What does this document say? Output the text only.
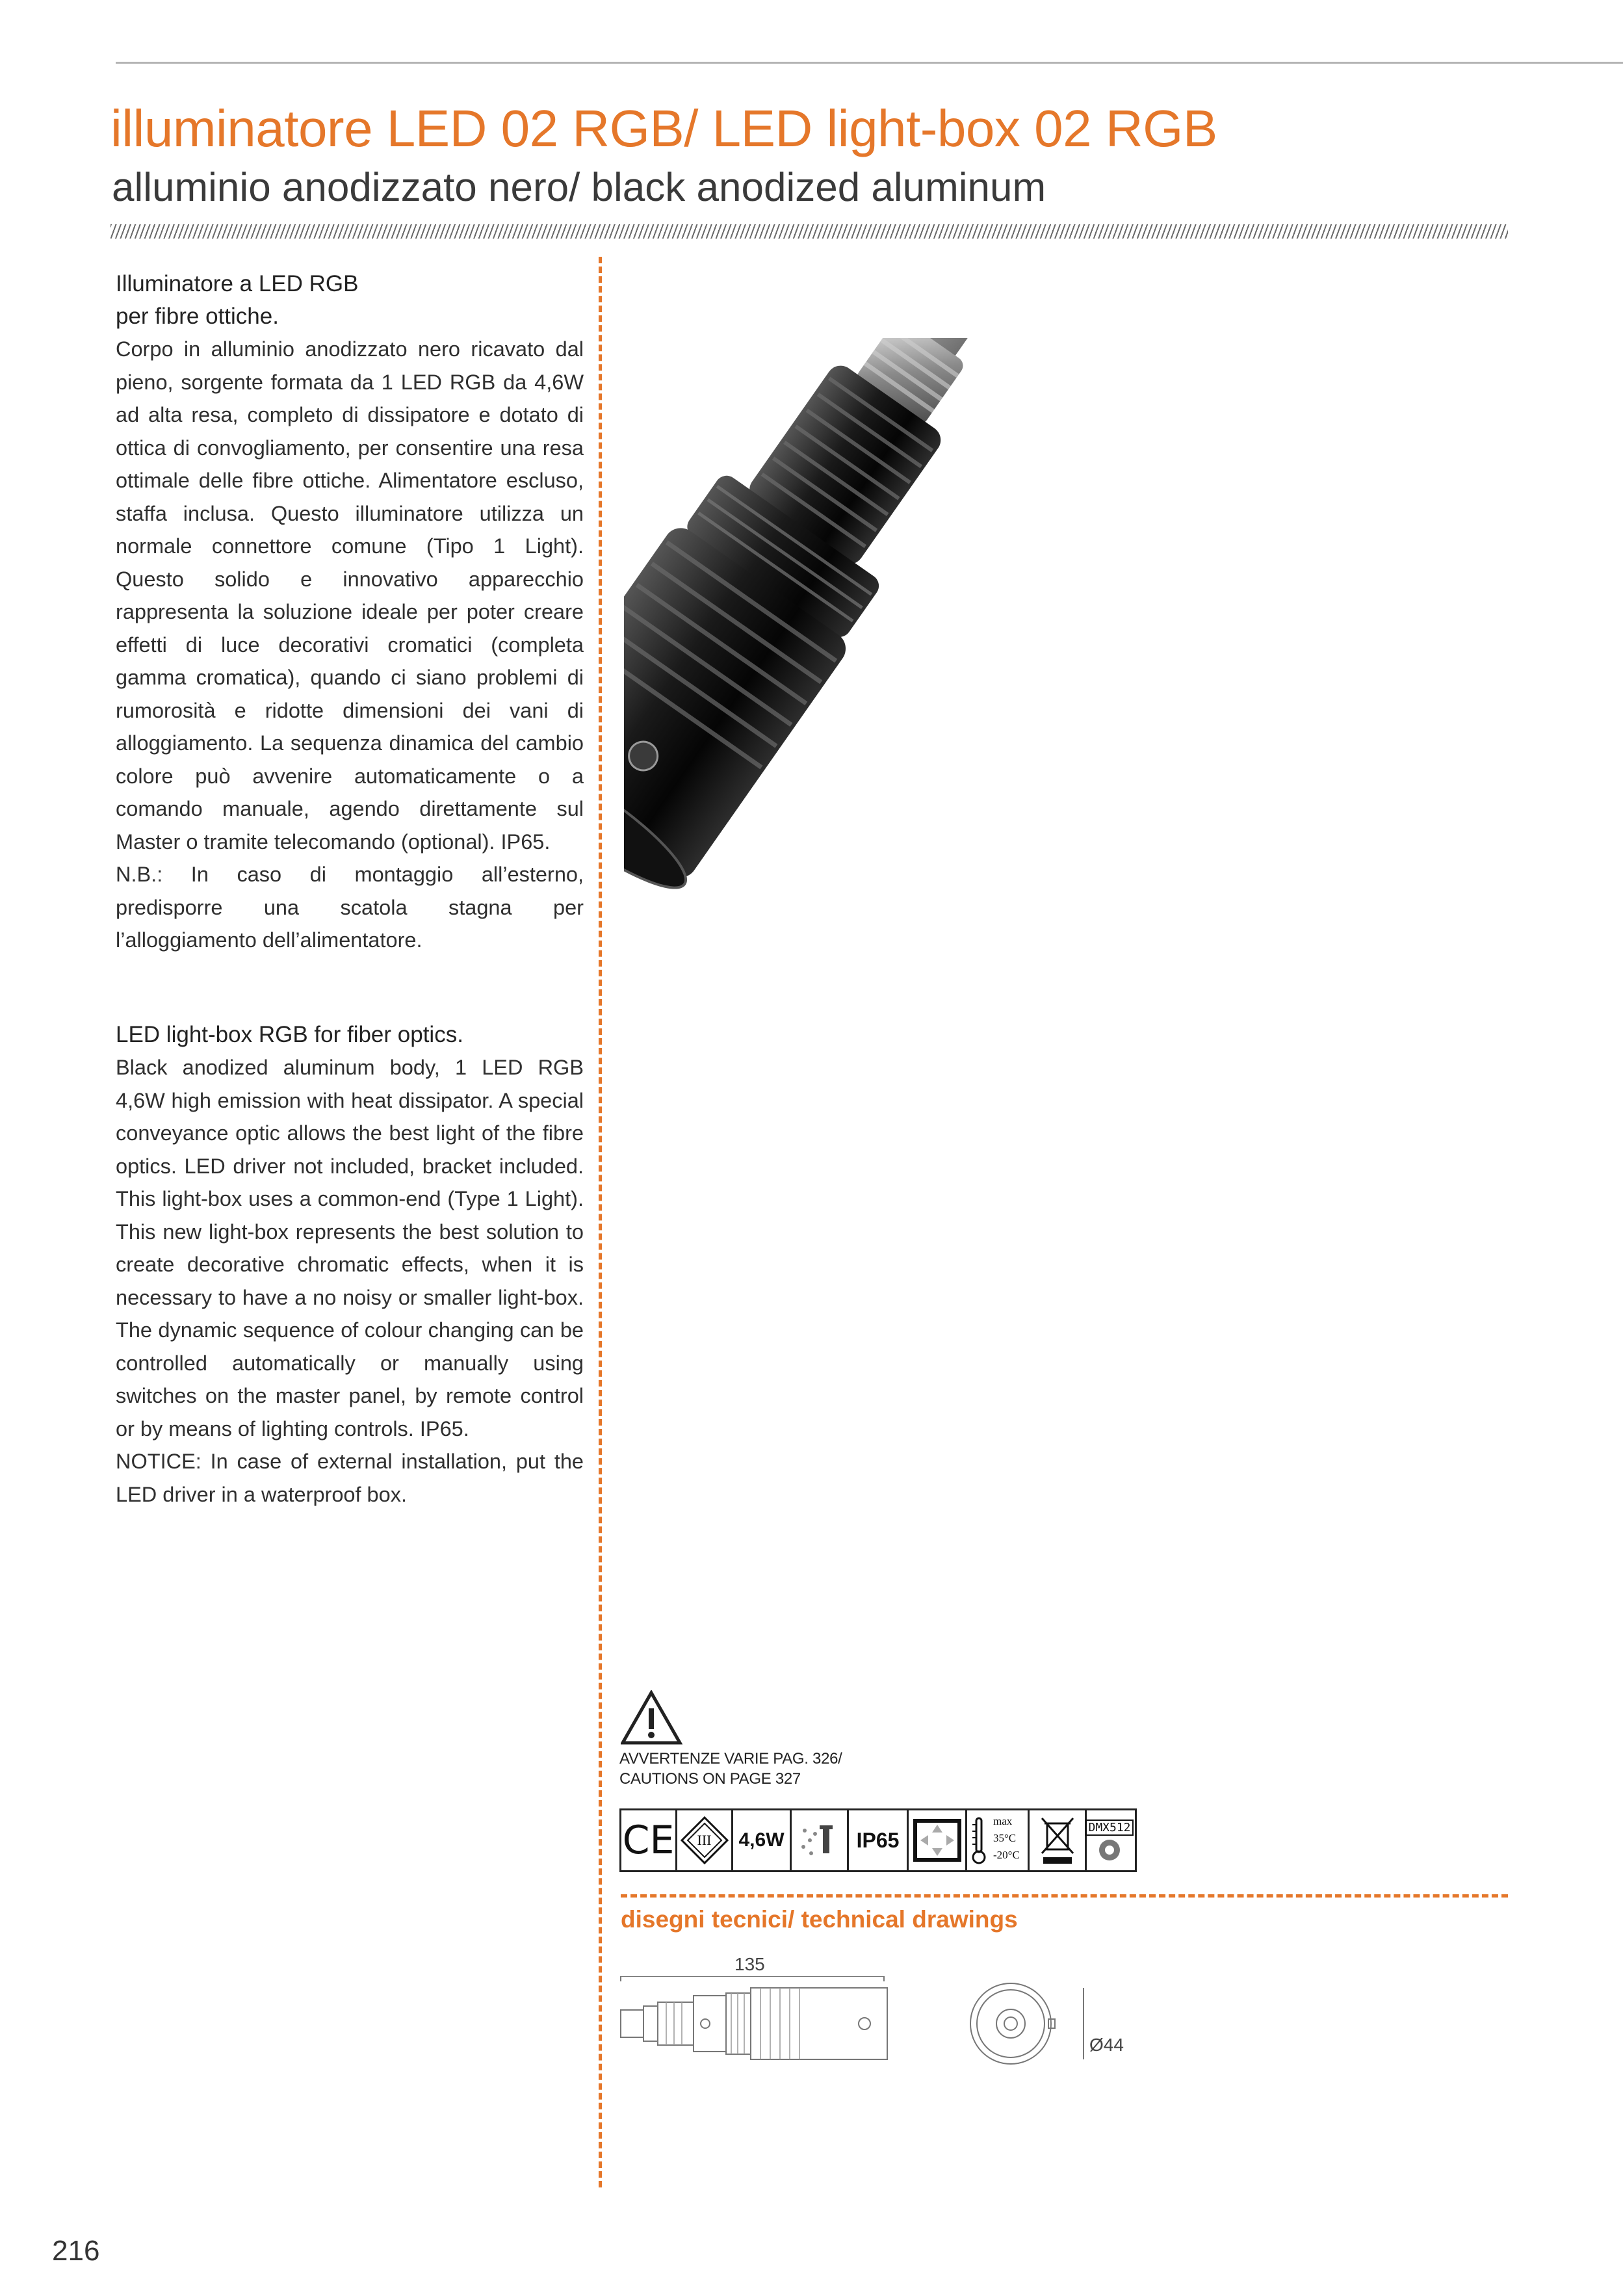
illuminatore LED 02 RGB/ LED light-box 02 RGB
alluminio anodizzato nero/ black anodized aluminum
Illuminatore a LED RGB
per fibre ottiche.

Corpo in alluminio anodizzato nero ricavato dal pieno, sorgente formata da 1 LED RGB da 4,6W ad alta resa, completo di dissipatore e dotato di ottica di convogliamento, per consentire una resa ottimale delle fibre ottiche. Alimentatore escluso, staffa inclusa. Questo illuminatore utilizza un normale connettore comune (Tipo 1 Light). Questo solido e innovativo apparecchio rappresenta la soluzione ideale per poter creare effetti di luce decorativi cromatici (completa gamma cromatica), quando ci siano problemi di rumorosità e ridotte dimensioni dei vani di alloggiamento. La sequenza dinamica del cambio colore può avvenire automaticamente o a comando manuale, agendo direttamente sul Master o tramite telecomando (optional). IP65.

N.B.: In caso di montaggio all’esterno, predisporre una scatola stagna per l’alloggiamento dell’alimentatore.

LED light-box RGB for fiber optics.

Black anodized aluminum body, 1 LED RGB 4,6W high emission with heat dissipator. A special conveyance optic allows the best light of the fibre optics. LED driver not included, bracket included. This light-box uses a common-end (Type 1 Light). This new light-box represents the best solution to create decorative chromatic effects, when it is necessary to have a no noisy or smaller light-box. The dynamic sequence of colour changing can be controlled automatically or manually using switches on the master panel, by remote control or by means of lighting controls. IP65.

NOTICE: In case of external installation, put the LED driver in a waterproof box.

AVVERTENZE VARIE PAG. 326/
CAUTIONS ON PAGE 327
CE III 4,6W	IP65
max
35°C
-20°C
DMX512
disegni tecnici/ technical drawings
135
Ø44
216
